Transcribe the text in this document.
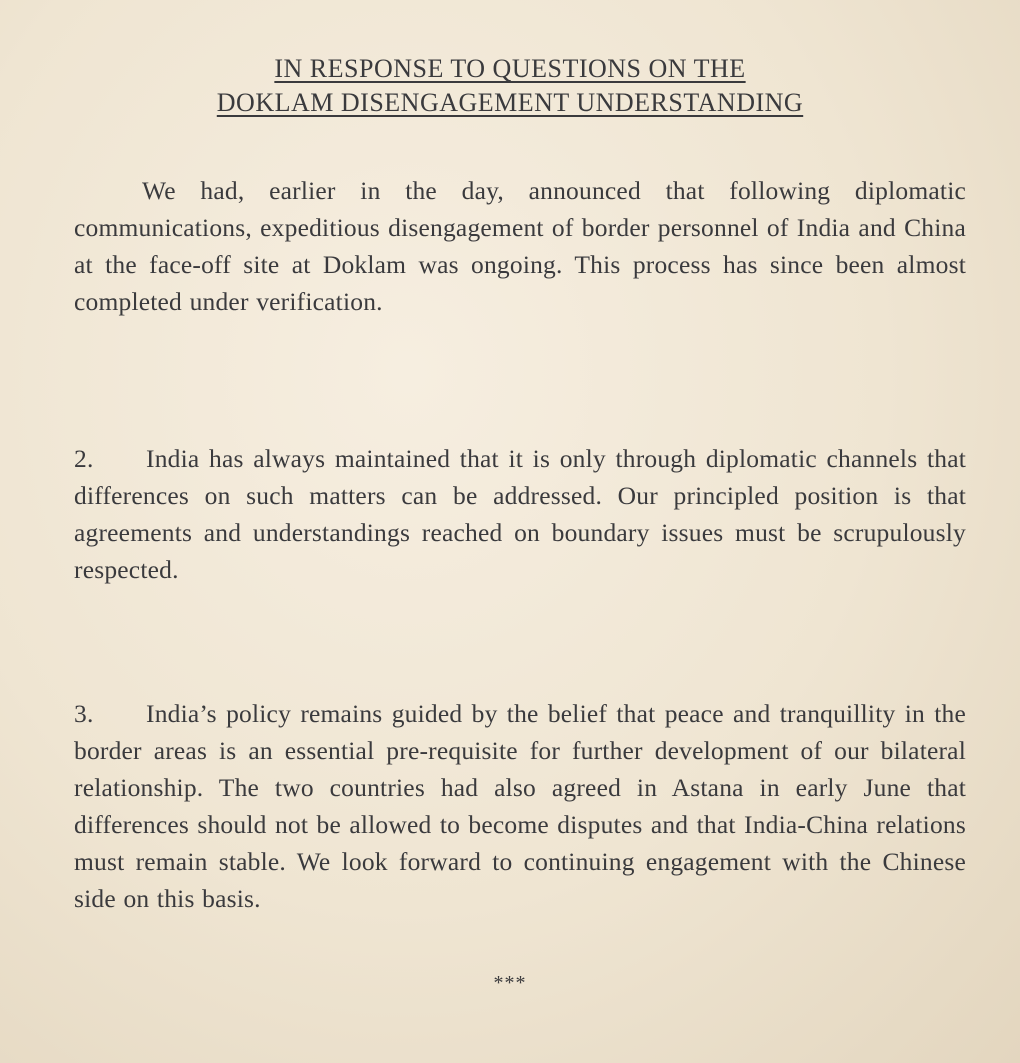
IN RESPONSE TO QUESTIONS ON THE
DOKLAM DISENGAGEMENT UNDERSTANDING

We had, earlier in the day, announced that following diplomatic communications, expeditious disengagement of border personnel of India and China at the face-off site at Doklam was ongoing. This process has since been almost completed under verification.

2. India has always maintained that it is only through diplomatic channels that differences on such matters can be addressed. Our principled position is that agreements and understandings reached on boundary issues must be scrupulously respected.

3. India’s policy remains guided by the belief that peace and tranquillity in the border areas is an essential pre-requisite for further development of our bilateral relationship. The two countries had also agreed in Astana in early June that differences should not be allowed to become disputes and that India-China relations must remain stable. We look forward to continuing engagement with the Chinese side on this basis.

***
